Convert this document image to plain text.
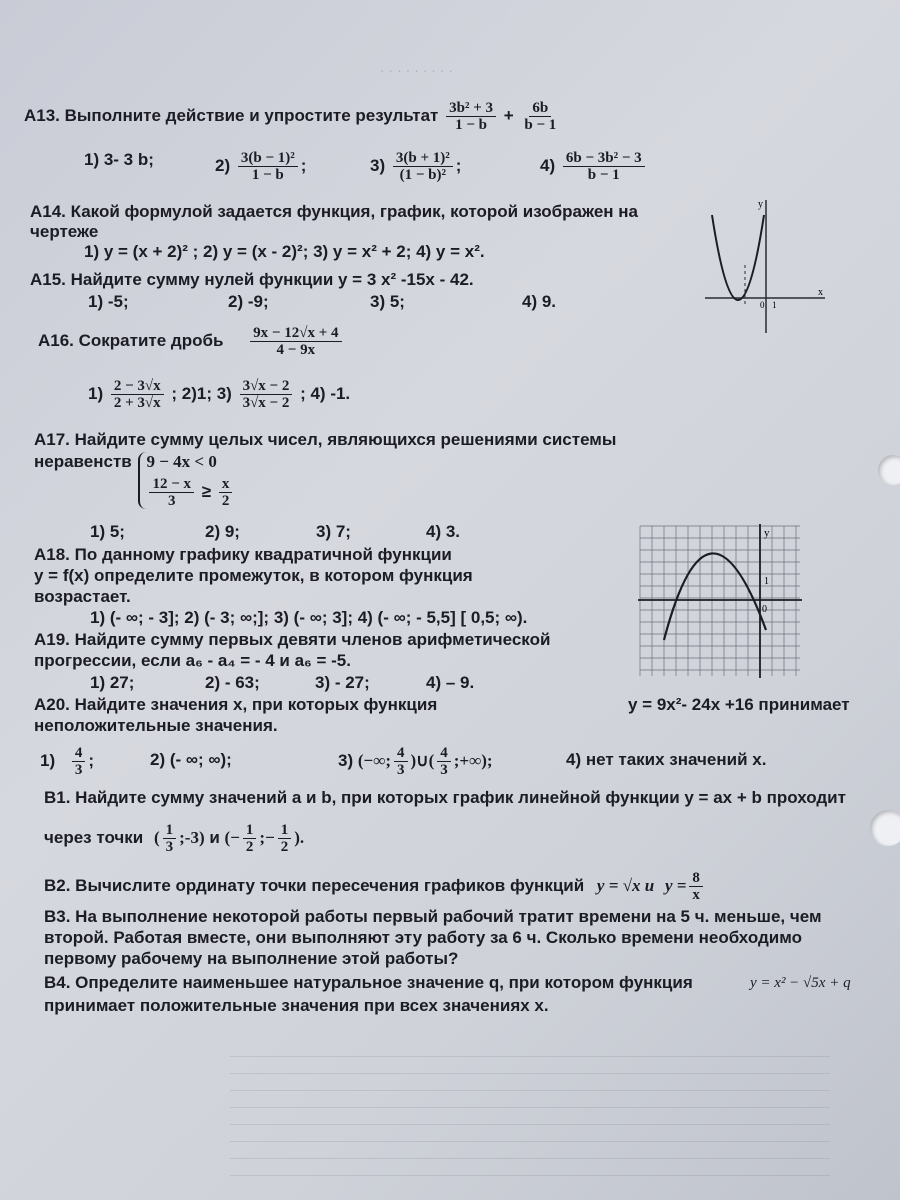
· · · · · · · · ·
А13. Выполните действие и упростите результат $\frac{\text{3b² + 3}}{1 - b} + \frac{6b}{b - 1}$
1) 3- 3 b;	$2) \frac{\text{3(b − 1)²}}{1 - b}$ ;	$3) \frac{\text{3(b + 1)²}}{\text{(1 − b)²}}$ ;	$4) \frac{\text{6b − 3b² − 3}}{b - 1}$
А14. Какой формулой задается функция, график, которой изображен на
чертеже
1) y = (x + 2)² ; 2) y = (x - 2)²; 3) y = x² + 2; 4) y = x².
y
x
0 1
А15. Найдите сумму нулей функции y = 3 x² -15x - 42.
1) -5;	2) -9;	3) 5;	4) 9.
А16. Сократите дробь $\frac{9x - 12√x + 4}{4 - 9x}$
$1) \frac{2 - 3√x}{2 + 3√x}$ ; 2)1; $3) \frac{3√x - 2}{3√x - 2}$ ; 4) -1.
А17. Найдите сумму целых чисел, являющихся решениями системы
неравенств 9 − 4x < 0
$\frac{12 - x}{3} \ge \frac{x}{2}$
1) 5;	2) 9;	3) 7;	4) 3.
А18. По данному графику квадратичной функции
y = f(x) определите промежуток, в котором функция
возрастает.
1) (- ∞; - 3]; 2) (- 3; ∞;]; 3) (- ∞; 3]; 4) (- ∞; - 5,5] [ 0,5; ∞).
y
1
0
А19. Найдите сумму первых девяти членов арифметической
прогрессии, если a₆ - a₄ = - 4 и a₆ = -5.
1) 27;	2) - 63;	3) - 27;	4) – 9.
А20. Найдите значения x, при которых функция	y = 9x²- 24x +16 принимает
неположительные значения.
$1) \frac{4}{3}$ ;	2) (- ∞; ∞);	3) (−∞; $\frac{4}{3}$ )∪( $\frac{4}{3}$ ;+∞);	4) нет таких значений x.
В1. Найдите сумму значений a и b, при которых график линейной функции y = ax + b проходит
через точки ( $\frac{1}{3}$ ;-3) и (− $\frac{1}{2}$ ;− $\frac{1}{2}$ ).
В2. Вычислите ординату точки пересечения графиков функций y = √x и $y = \frac{8}{x}$
В3. На выполнение некоторой работы первый рабочий тратит времени на 5 ч. меньше, чем
второй. Работая вместе, они выполняют эту работу за 6 ч. Сколько времени необходимо
первому рабочему на выполнение этой работы?
В4. Определите наименьшее натуральное значение q, при котором функция	y = x² − √5x + q
принимает положительные значения при всех значениях x.
